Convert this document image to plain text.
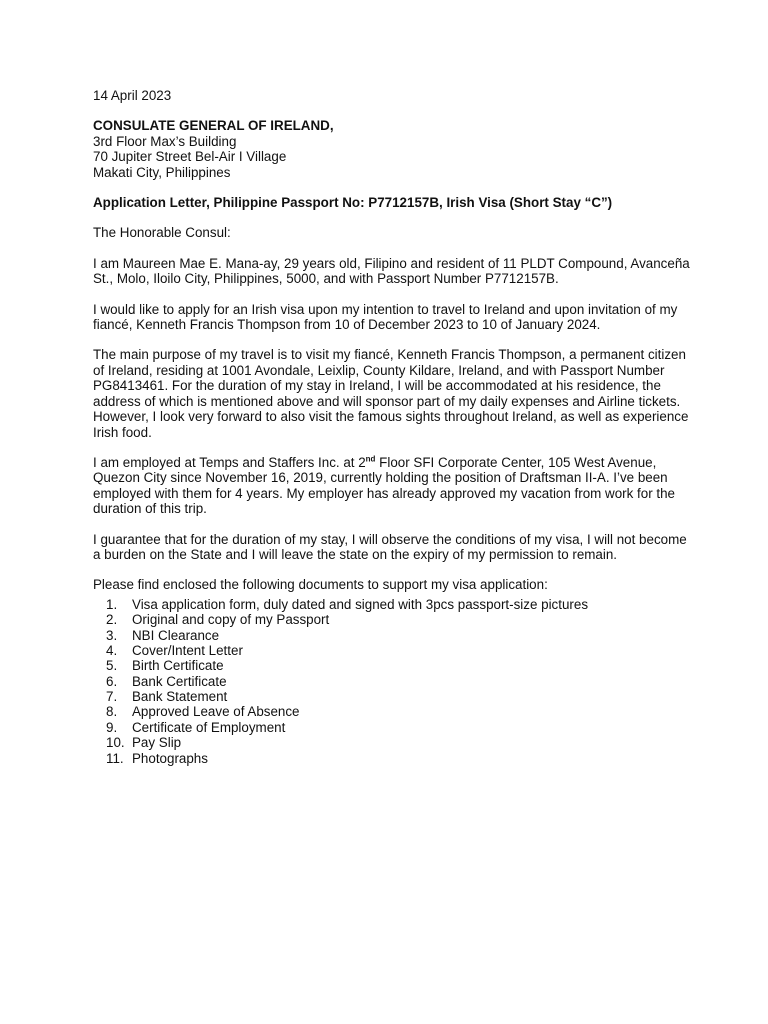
14 April 2023
CONSULATE GENERAL OF IRELAND,
3rd Floor Max’s Building
70 Jupiter Street Bel-Air I Village
Makati City, Philippines
Application Letter, Philippine Passport No: P7712157B, Irish Visa (Short Stay “C”)
The Honorable Consul:

I am Maureen Mae E. Mana-ay, 29 years old, Filipino and resident of 11 PLDT Compound, Avanceña St., Molo, Iloilo City, Philippines, 5000, and with Passport Number P7712157B.

I would like to apply for an Irish visa upon my intention to travel to Ireland and upon invitation of my fiancé, Kenneth Francis Thompson from 10 of December 2023 to 10 of January 2024.

The main purpose of my travel is to visit my fiancé, Kenneth Francis Thompson, a permanent citizen of Ireland, residing at 1001 Avondale, Leixlip, County Kildare, Ireland, and with Passport Number PG8413461. For the duration of my stay in Ireland, I will be accommodated at his residence, the address of which is mentioned above and will sponsor part of my daily expenses and Airline tickets. However, I look very forward to also visit the famous sights throughout Ireland, as well as experience Irish food.

I am employed at Temps and Staffers Inc. at 2nd Floor SFI Corporate Center, 105 West Avenue, Quezon City since November 16, 2019, currently holding the position of Draftsman II-A. I’ve been employed with them for 4 years. My employer has already approved my vacation from work for the duration of this trip.

I guarantee that for the duration of my stay, I will observe the conditions of my visa, I will not become a burden on the State and I will leave the state on the expiry of my permission to remain.

Please find enclosed the following documents to support my visa application:
1.	Visa application form, duly dated and signed with 3pcs passport-size pictures
2.	Original and copy of my Passport
3.	NBI Clearance
4.	Cover/Intent Letter
5.	Birth Certificate
6.	Bank Certificate
7.	Bank Statement
8.	Approved Leave of Absence
9.	Certificate of Employment
10. Pay Slip
11. Photographs
